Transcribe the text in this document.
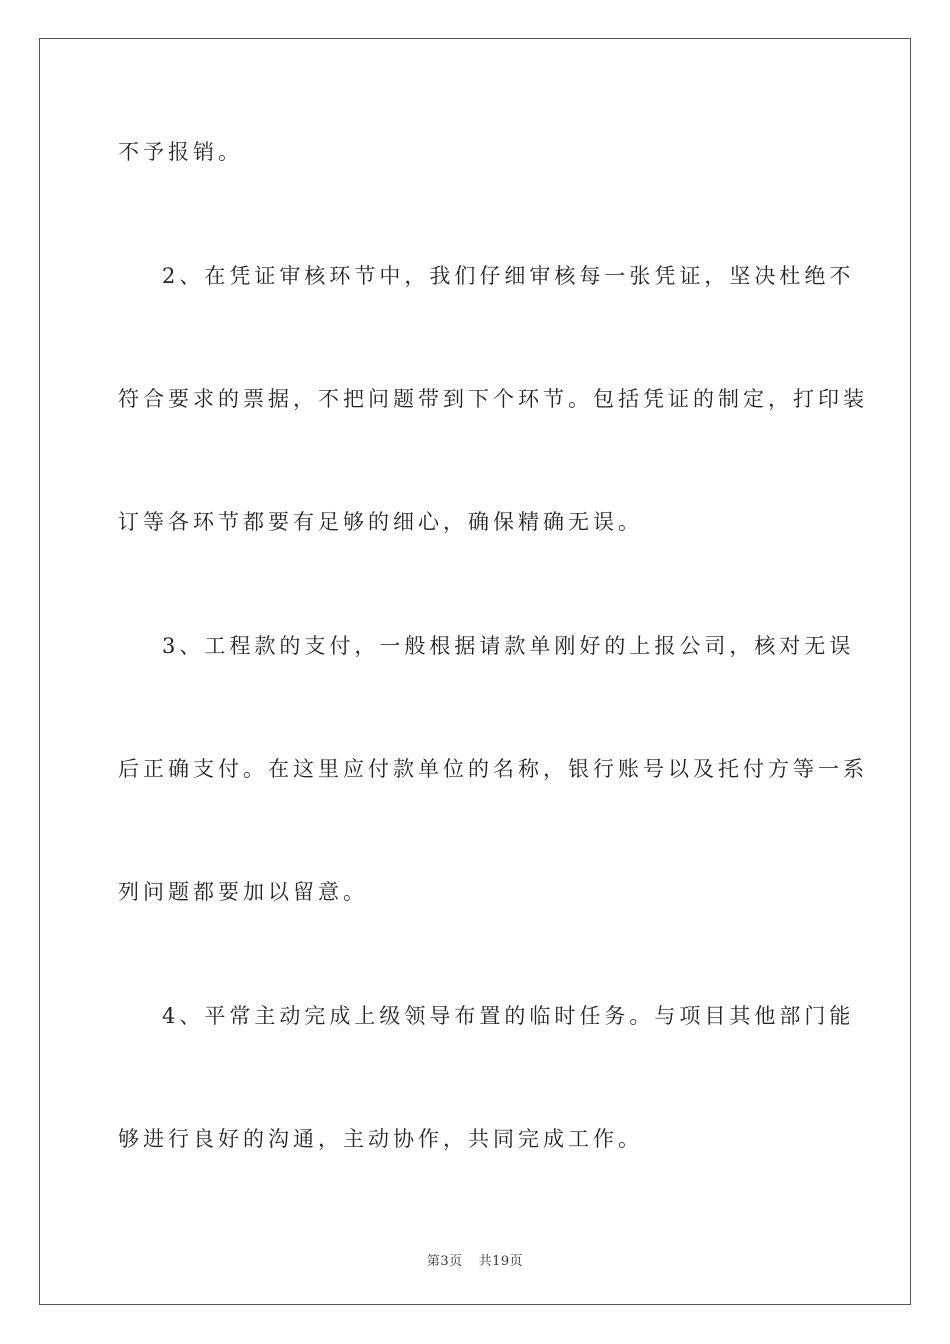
不予报销。
2、在凭证审核环节中，我们仔细审核每一张凭证，坚决杜绝不
符合要求的票据，不把问题带到下个环节。包括凭证的制定，打印装
订等各环节都要有足够的细心，确保精确无误。
3、工程款的支付，一般根据请款单刚好的上报公司，核对无误
后正确支付。在这里应付款单位的名称，银行账号以及托付方等一系
列问题都要加以留意。
4、平常主动完成上级领导布置的临时任务。与项目其他部门能
够进行良好的沟通，主动协作，共同完成工作。
第3页 共19页
